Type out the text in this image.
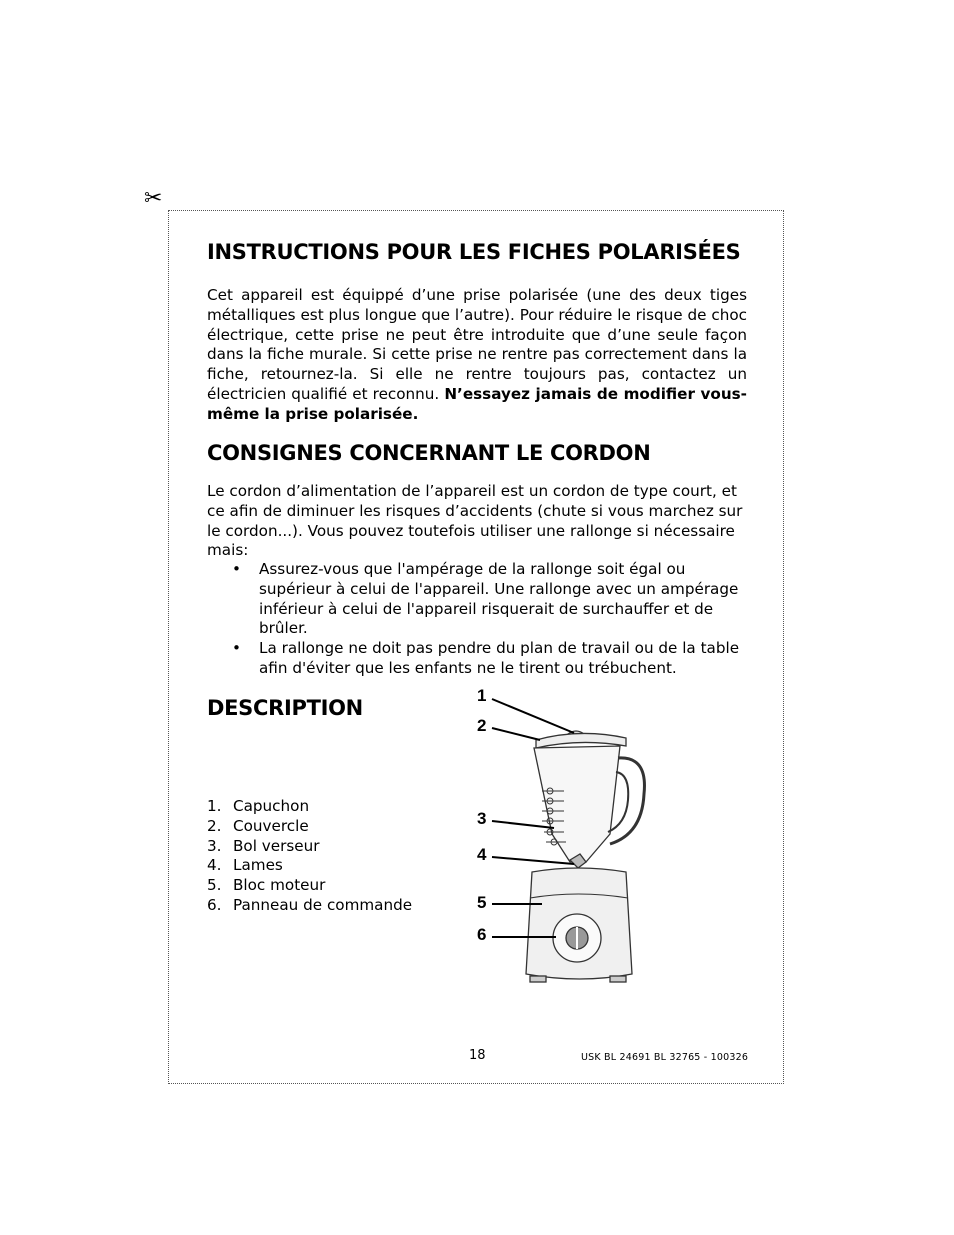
✂
INSTRUCTIONS POUR LES FICHES POLARISÉES

Cet appareil est équippé d’une prise polarisée (une des deux tiges métalliques est plus longue que l’autre). Pour réduire le risque de choc électrique, cette prise ne peut être introduite que d’une seule façon dans la fiche murale. Si cette prise ne rentre pas correctement dans la fiche, retournez-la. Si elle ne rentre toujours pas, contactez un électricien qualifié et reconnu. N’essayez jamais de modifier vous-même la prise polarisée.

CONSIGNES CONCERNANT LE CORDON

Le cordon d’alimentation de l’appareil est un cordon de type court, et ce afin de diminuer les risques d’accidents (chute si vous marchez sur le cordon...). Vous pouvez toutefois utiliser une rallonge si nécessaire mais:

• Assurez-vous que l'ampérage de la rallonge soit égal ou supérieur à celui de l'appareil. Une rallonge avec un ampérage inférieur à celui de l'appareil risquerait de surchauffer et de brûler.
• La rallonge ne doit pas pendre du plan de travail ou de la table afin d'éviter que les enfants ne le tirent ou trébuchent.
DESCRIPTION
1. Capuchon
2. Couvercle
3. Bol verseur
4. Lames
5. Bloc moteur
6. Panneau de commande
1
2
3
4
5
6
18	USK BL 24691 BL 32765 - 100326
